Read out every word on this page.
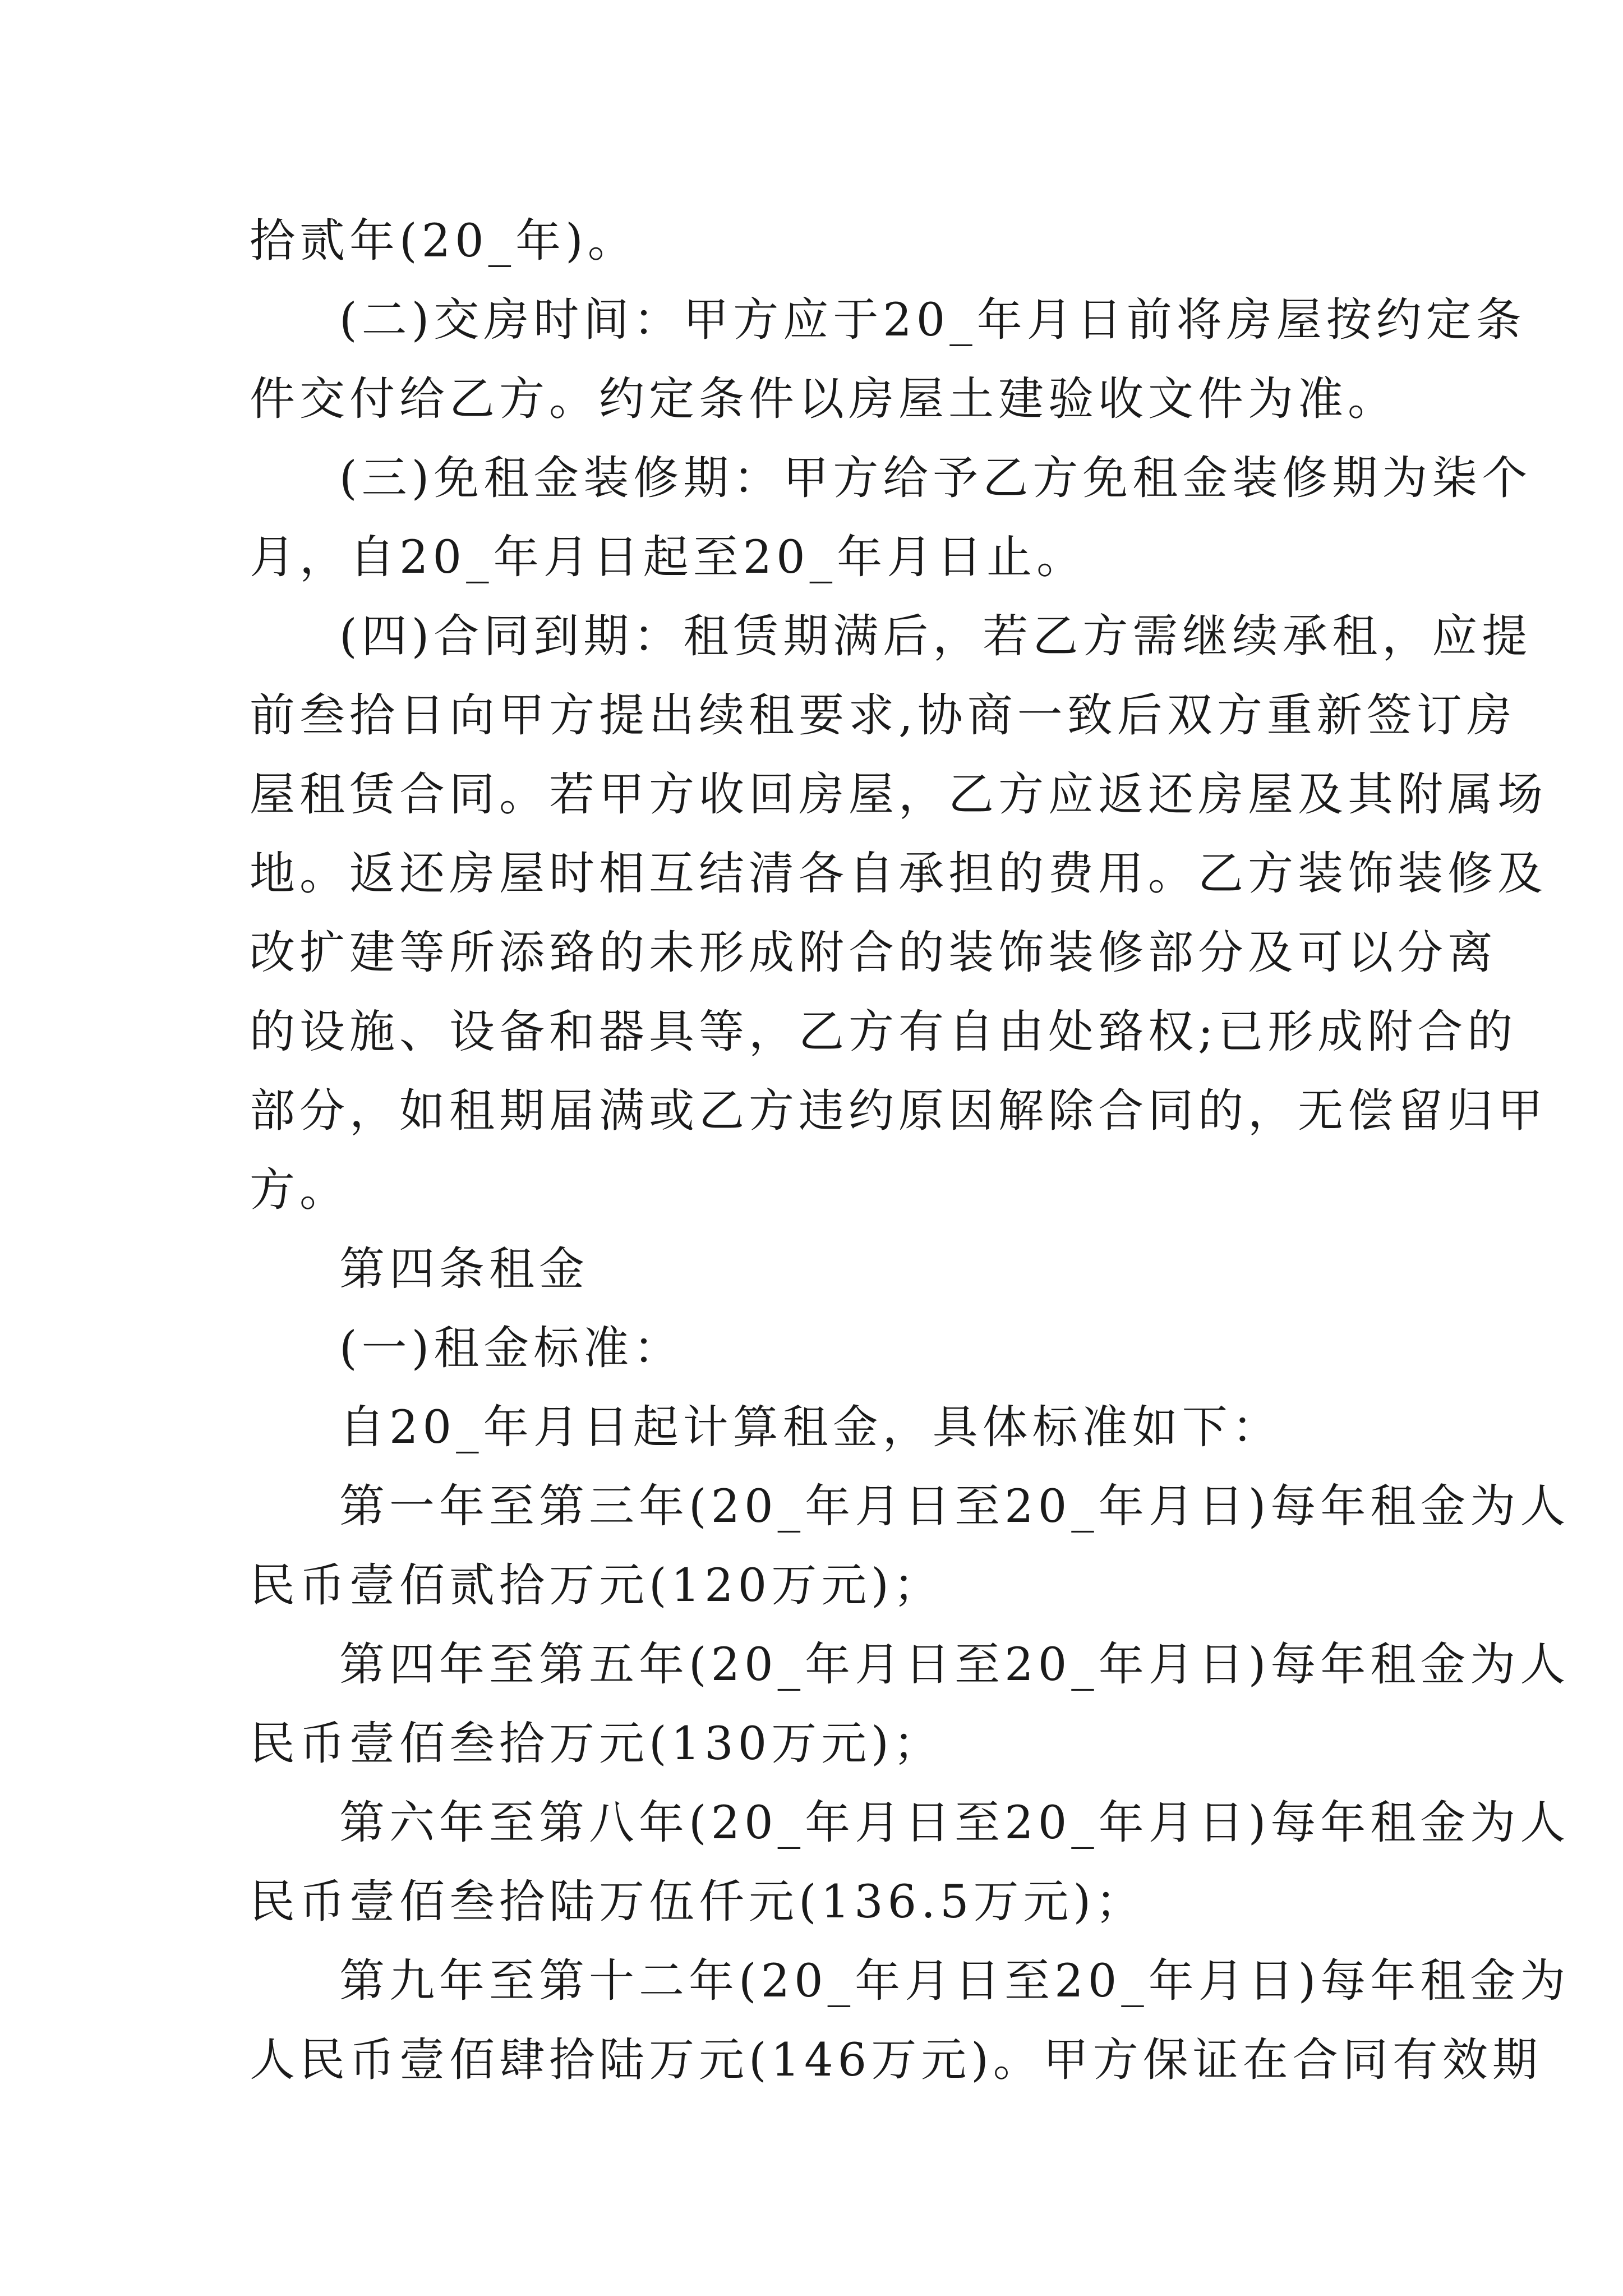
拾贰年(20_年)。
(二)交房时间：甲方应于20_年月日前将房屋按约定条
件交付给乙方。约定条件以房屋土建验收文件为准。
(三)免租金装修期：甲方给予乙方免租金装修期为柒个
月，自20_年月日起至20_年月日止。
(四)合同到期：租赁期满后，若乙方需继续承租，应提
前叁拾日向甲方提出续租要求,协商一致后双方重新签订房
屋租赁合同。若甲方收回房屋，乙方应返还房屋及其附属场
地。返还房屋时相互结清各自承担的费用。乙方装饰装修及
改扩建等所添臵的未形成附合的装饰装修部分及可以分离
的设施、设备和器具等，乙方有自由处臵权;已形成附合的
部分，如租期届满或乙方违约原因解除合同的，无偿留归甲
方。
第四条租金
(一)租金标准：
自20_年月日起计算租金，具体标准如下：
第一年至第三年(20_年月日至20_年月日)每年租金为人
民币壹佰贰拾万元(120万元)；
第四年至第五年(20_年月日至20_年月日)每年租金为人
民币壹佰叁拾万元(130万元)；
第六年至第八年(20_年月日至20_年月日)每年租金为人
民币壹佰叁拾陆万伍仟元(136.5万元)；
第九年至第十二年(20_年月日至20_年月日)每年租金为
人民币壹佰肆拾陆万元(146万元)。甲方保证在合同有效期
